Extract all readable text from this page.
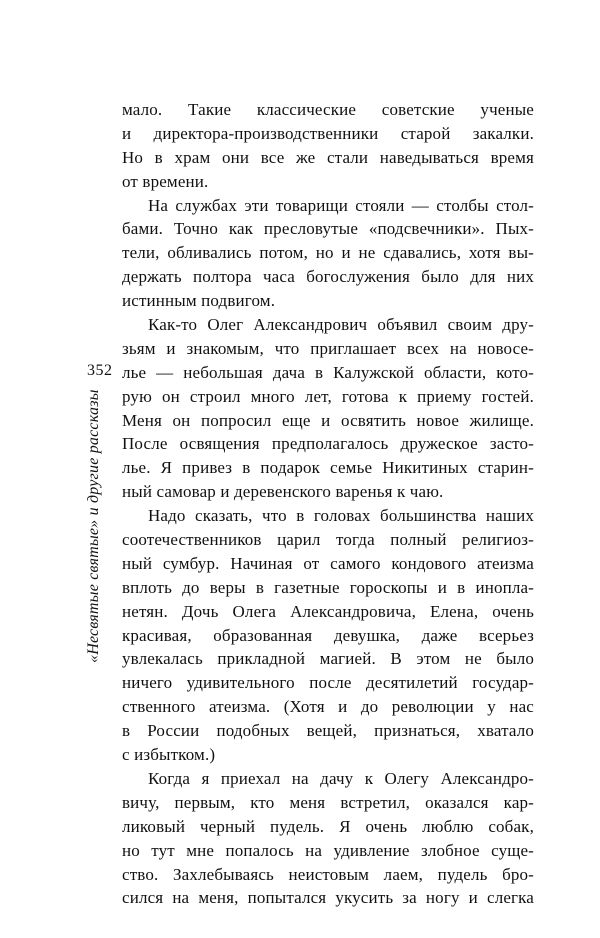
352
«Несвятые святые» и другие рассказы

мало. Такие классические советские ученые
и директора-производственники старой закалки.
Но в храм они все же стали наведываться время
от времени.

На службах эти товарищи стояли — столбы стол-
бами. Точно как пресловутые «подсвечники». Пых-
тели, обливались потом, но и не сдавались, хотя вы-
держать полтора часа богослужения было для них
истинным подвигом.

Как-то Олег Александрович объявил своим дру-
зьям и знакомым, что приглашает всех на новосе-
лье — небольшая дача в Калужской области, кото-
рую он строил много лет, готова к приему гостей.
Меня он попросил еще и освятить новое жилище.
После освящения предполагалось дружеское засто-
лье. Я привез в подарок семье Никитиных старин-
ный самовар и деревенского варенья к чаю.

Надо сказать, что в головах большинства наших
соотечественников царил тогда полный религиоз-
ный сумбур. Начиная от самого кондового атеизма
вплоть до веры в газетные гороскопы и в инопла-
нетян. Дочь Олега Александровича, Елена, очень
красивая, образованная девушка, даже всерьез
увлекалась прикладной магией. В этом не было
ничего удивительного после десятилетий государ-
ственного атеизма. (Хотя и до революции у нас
в России подобных вещей, признаться, хватало
с избытком.)

Когда я приехал на дачу к Олегу Александро-
вичу, первым, кто меня встретил, оказался кар-
ликовый черный пудель. Я очень люблю собак,
но тут мне попалось на удивление злобное суще-
ство. Захлебываясь неистовым лаем, пудель бро-
сился на меня, попытался укусить за ногу и слегка
